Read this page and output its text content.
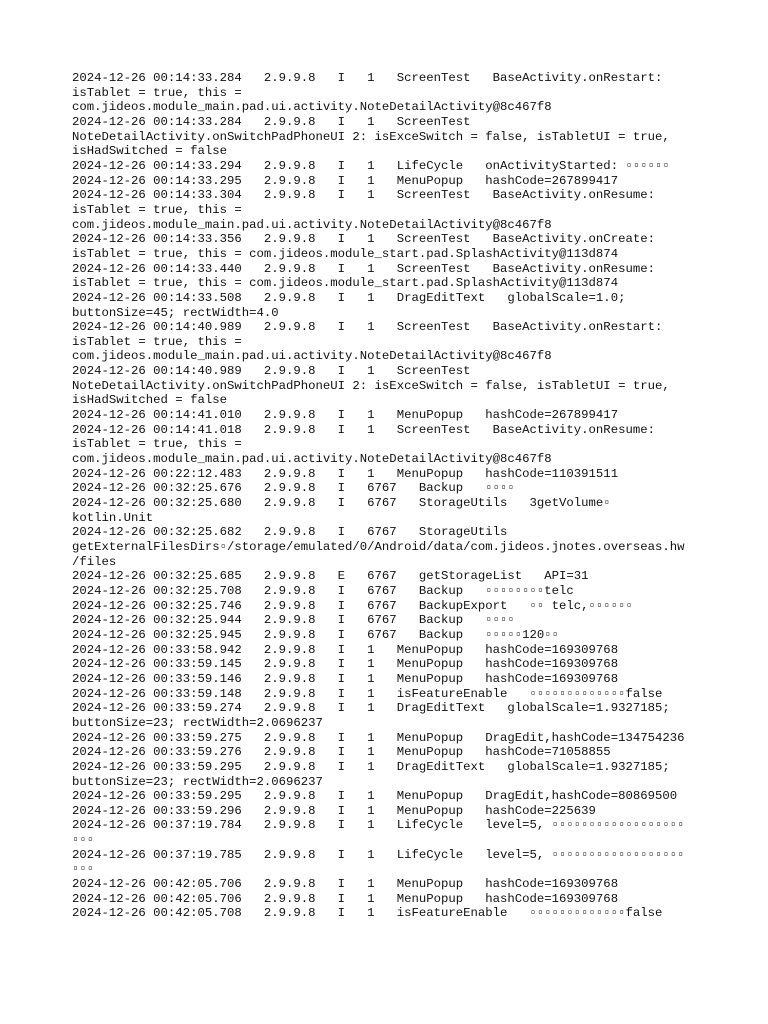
2024-12-26 00:14:33.284   2.9.9.8   I   1   ScreenTest   BaseActivity.onRestart:
isTablet = true, this =
com.jideos.module_main.pad.ui.activity.NoteDetailActivity@8c467f8
2024-12-26 00:14:33.284   2.9.9.8   I   1   ScreenTest
NoteDetailActivity.onSwitchPadPhoneUI 2: isExceSwitch = false, isTabletUI = true,
isHadSwitched = false
2024-12-26 00:14:33.294   2.9.9.8   I   1   LifeCycle   onActivityStarted: ▫▫▫▫▫▫
2024-12-26 00:14:33.295   2.9.9.8   I   1   MenuPopup   hashCode=267899417
2024-12-26 00:14:33.304   2.9.9.8   I   1   ScreenTest   BaseActivity.onResume:
isTablet = true, this =
com.jideos.module_main.pad.ui.activity.NoteDetailActivity@8c467f8
2024-12-26 00:14:33.356   2.9.9.8   I   1   ScreenTest   BaseActivity.onCreate:
isTablet = true, this = com.jideos.module_start.pad.SplashActivity@113d874
2024-12-26 00:14:33.440   2.9.9.8   I   1   ScreenTest   BaseActivity.onResume:
isTablet = true, this = com.jideos.module_start.pad.SplashActivity@113d874
2024-12-26 00:14:33.508   2.9.9.8   I   1   DragEditText   globalScale=1.0;
buttonSize=45; rectWidth=4.0
2024-12-26 00:14:40.989   2.9.9.8   I   1   ScreenTest   BaseActivity.onRestart:
isTablet = true, this =
com.jideos.module_main.pad.ui.activity.NoteDetailActivity@8c467f8
2024-12-26 00:14:40.989   2.9.9.8   I   1   ScreenTest
NoteDetailActivity.onSwitchPadPhoneUI 2: isExceSwitch = false, isTabletUI = true,
isHadSwitched = false
2024-12-26 00:14:41.010   2.9.9.8   I   1   MenuPopup   hashCode=267899417
2024-12-26 00:14:41.018   2.9.9.8   I   1   ScreenTest   BaseActivity.onResume:
isTablet = true, this =
com.jideos.module_main.pad.ui.activity.NoteDetailActivity@8c467f8
2024-12-26 00:22:12.483   2.9.9.8   I   1   MenuPopup   hashCode=110391511
2024-12-26 00:32:25.676   2.9.9.8   I   6767   Backup   ▫▫▫▫
2024-12-26 00:32:25.680   2.9.9.8   I   6767   StorageUtils   3getVolume▫
kotlin.Unit
2024-12-26 00:32:25.682   2.9.9.8   I   6767   StorageUtils
getExternalFilesDirs▫/storage/emulated/0/Android/data/com.jideos.jnotes.overseas.hw
/files
2024-12-26 00:32:25.685   2.9.9.8   E   6767   getStorageList   API=31
2024-12-26 00:32:25.708   2.9.9.8   I   6767   Backup   ▫▫▫▫▫▫▫▫telc
2024-12-26 00:32:25.746   2.9.9.8   I   6767   BackupExport   ▫▫ telc,▫▫▫▫▫▫
2024-12-26 00:32:25.944   2.9.9.8   I   6767   Backup   ▫▫▫▫
2024-12-26 00:32:25.945   2.9.9.8   I   6767   Backup   ▫▫▫▫▫120▫▫
2024-12-26 00:33:58.942   2.9.9.8   I   1   MenuPopup   hashCode=169309768
2024-12-26 00:33:59.145   2.9.9.8   I   1   MenuPopup   hashCode=169309768
2024-12-26 00:33:59.146   2.9.9.8   I   1   MenuPopup   hashCode=169309768
2024-12-26 00:33:59.148   2.9.9.8   I   1   isFeatureEnable   ▫▫▫▫▫▫▫▫▫▫▫▫▫false
2024-12-26 00:33:59.274   2.9.9.8   I   1   DragEditText   globalScale=1.9327185;
buttonSize=23; rectWidth=2.0696237
2024-12-26 00:33:59.275   2.9.9.8   I   1   MenuPopup   DragEdit,hashCode=134754236
2024-12-26 00:33:59.276   2.9.9.8   I   1   MenuPopup   hashCode=71058855
2024-12-26 00:33:59.295   2.9.9.8   I   1   DragEditText   globalScale=1.9327185;
buttonSize=23; rectWidth=2.0696237
2024-12-26 00:33:59.295   2.9.9.8   I   1   MenuPopup   DragEdit,hashCode=80869500
2024-12-26 00:33:59.296   2.9.9.8   I   1   MenuPopup   hashCode=225639
2024-12-26 00:37:19.784   2.9.9.8   I   1   LifeCycle   level=5, ▫▫▫▫▫▫▫▫▫▫▫▫▫▫▫▫▫▫
▫▫▫
2024-12-26 00:37:19.785   2.9.9.8   I   1   LifeCycle   level=5, ▫▫▫▫▫▫▫▫▫▫▫▫▫▫▫▫▫▫
▫▫▫
2024-12-26 00:42:05.706   2.9.9.8   I   1   MenuPopup   hashCode=169309768
2024-12-26 00:42:05.706   2.9.9.8   I   1   MenuPopup   hashCode=169309768
2024-12-26 00:42:05.708   2.9.9.8   I   1   isFeatureEnable   ▫▫▫▫▫▫▫▫▫▫▫▫▫false
